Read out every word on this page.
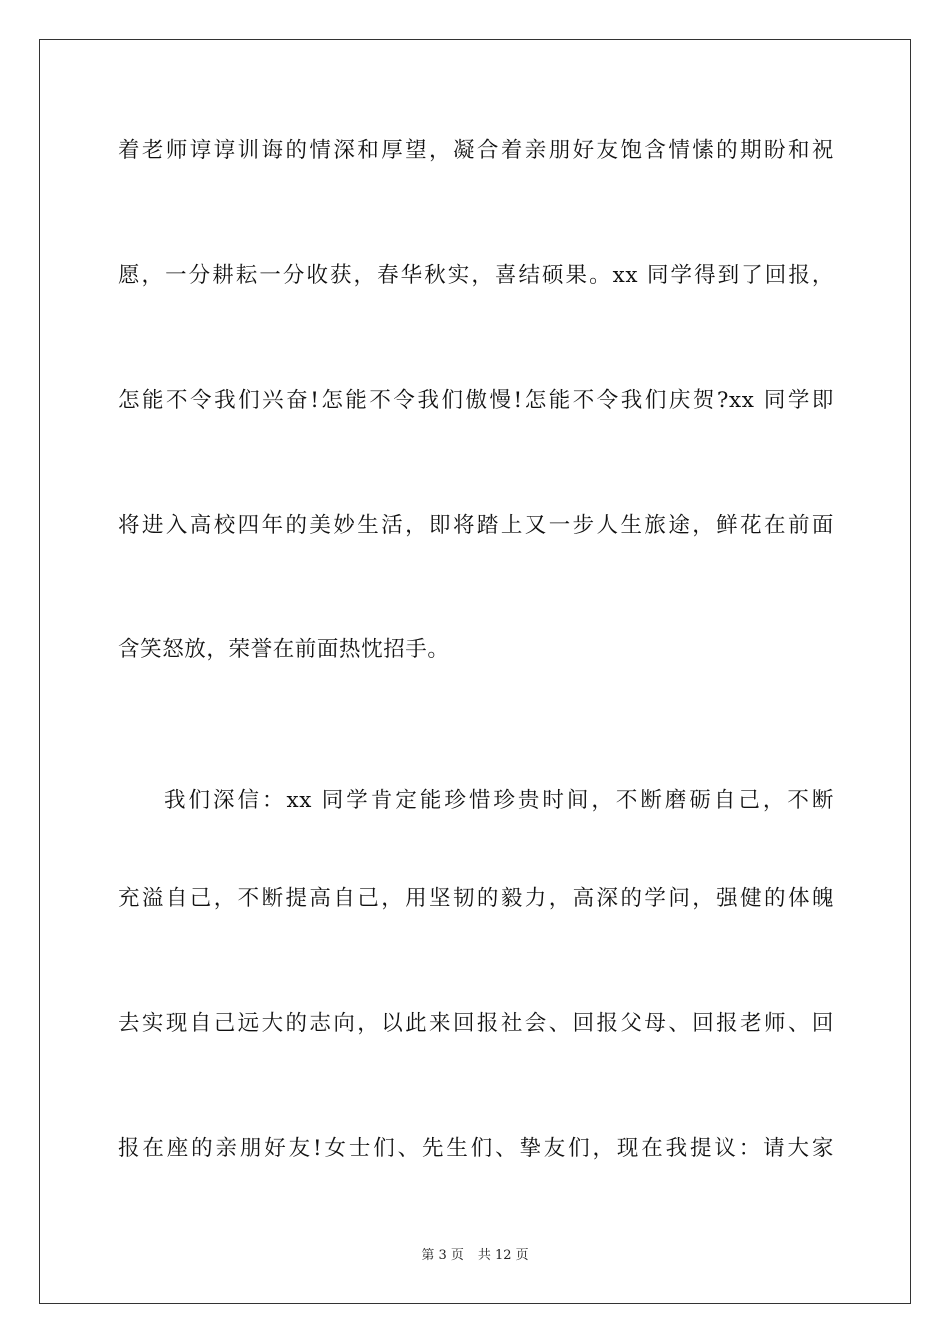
着老师谆谆训诲的情深和厚望，凝合着亲朋好友饱含情愫的期盼和祝
愿，一分耕耘一分收获，春华秋实，喜结硕果。xx 同学得到了回报，
怎能不令我们兴奋!怎能不令我们傲慢!怎能不令我们庆贺?xx 同学即
将进入高校四年的美妙生活，即将踏上又一步人生旅途，鲜花在前面
含笑怒放，荣誉在前面热忱招手。
我们深信：xx 同学肯定能珍惜珍贵时间，不断磨砺自己，不断
充溢自己，不断提高自己，用坚韧的毅力，高深的学问，强健的体魄
去实现自己远大的志向，以此来回报社会、回报父母、回报老师、回
报在座的亲朋好友!女士们、先生们、挚友们，现在我提议：请大家
第 3 页 共 12 页
